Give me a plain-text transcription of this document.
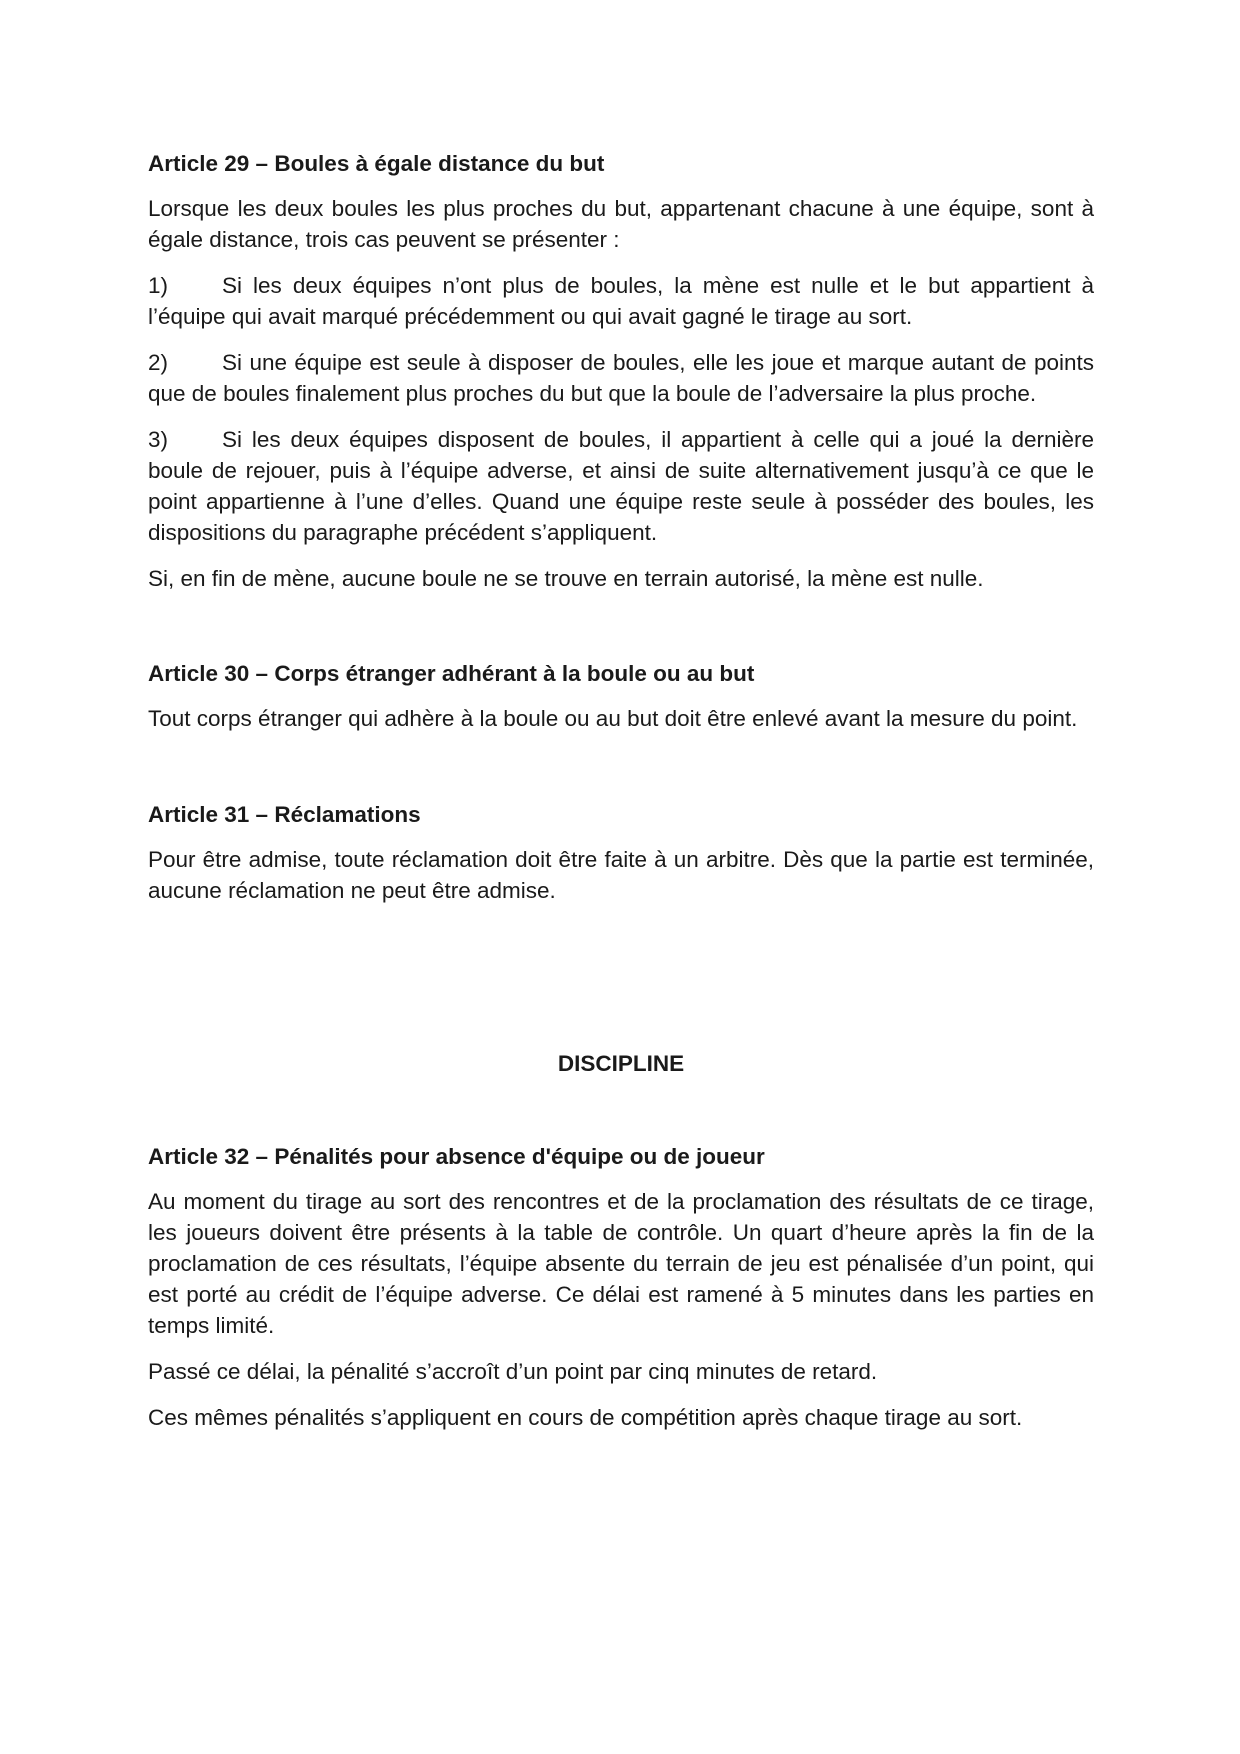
Article 29 – Boules à égale distance du but

Lorsque les deux boules les plus proches du but, appartenant chacune à une équipe, sont à égale distance, trois cas peuvent se présenter :

1) Si les deux équipes n’ont plus de boules, la mène est nulle et le but appartient à l’équipe qui avait marqué précédemment ou qui avait gagné le tirage au sort.

2) Si une équipe est seule à disposer de boules, elle les joue et marque autant de points que de boules finalement plus proches du but que la boule de l’adversaire la plus proche.

3) Si les deux équipes disposent de boules, il appartient à celle qui a joué la dernière boule de rejouer, puis à l’équipe adverse, et ainsi de suite alternativement jusqu’à ce que le point appartienne à l’une d’elles. Quand une équipe reste seule à posséder des boules, les dispositions du paragraphe précédent s’appliquent.

Si, en fin de mène, aucune boule ne se trouve en terrain autorisé, la mène est nulle.

Article 30 – Corps étranger adhérant à la boule ou au but

Tout corps étranger qui adhère à la boule ou au but doit être enlevé avant la mesure du point.

Article 31 – Réclamations

Pour être admise, toute réclamation doit être faite à un arbitre. Dès que la partie est terminée, aucune réclamation ne peut être admise.

DISCIPLINE

Article 32 – Pénalités pour absence d'équipe ou de joueur

Au moment du tirage au sort des rencontres et de la proclamation des résultats de ce tirage, les joueurs doivent être présents à la table de contrôle. Un quart d’heure après la fin de la proclamation de ces résultats, l’équipe absente du terrain de jeu est pénalisée d’un point, qui est porté au crédit de l’équipe adverse. Ce délai est ramené à 5 minutes dans les parties en temps limité.

Passé ce délai, la pénalité s’accroît d’un point par cinq minutes de retard.

Ces mêmes pénalités s’appliquent en cours de compétition après chaque tirage au sort.
